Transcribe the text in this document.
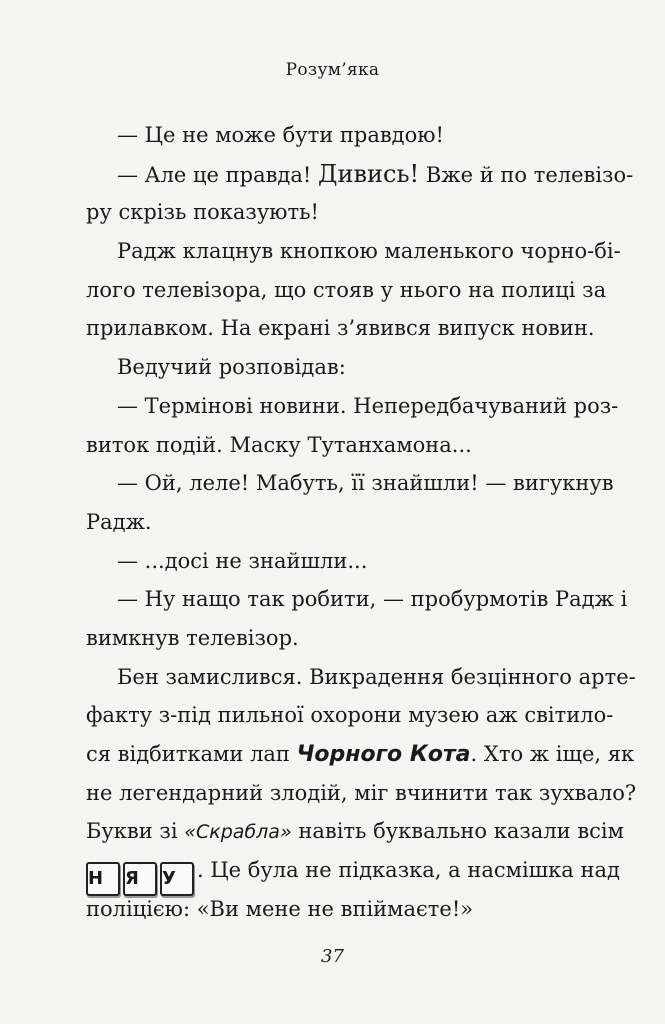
Розум’яка
— Це не може бути правдою!
— Але це правда! Дивись! Вже й по телевізо-
ру скрізь показують!
Радж клацнув кнопкою маленького чорно-бі-
лого телевізора, що стояв у нього на полиці за
прилавком. На екрані з’явився випуск новин.
Ведучий розповідав:
— Термінові новини. Непередбачуваний роз-
виток подій. Маску Тутанхамона...
— Ой, леле! Мабуть, її знайшли! — вигукнув
Радж.
— ...досі не знайшли...
— Ну нащо так робити, — пробурмотів Радж і
вимкнув телевізор.
Бен замислився. Викрадення безцінного арте-
факту з-під пильної охорони музею аж світило-
ся відбитками лап Чорного Кота. Хто ж іще, як
не легендарний злодій, міг вчинити так зухвало?
Букви зі «Скрабла» навіть буквально казали всім
Н Я У . Це була не підказка, а насмішка над
поліцією: «Ви мене не впіймаєте!»
37
